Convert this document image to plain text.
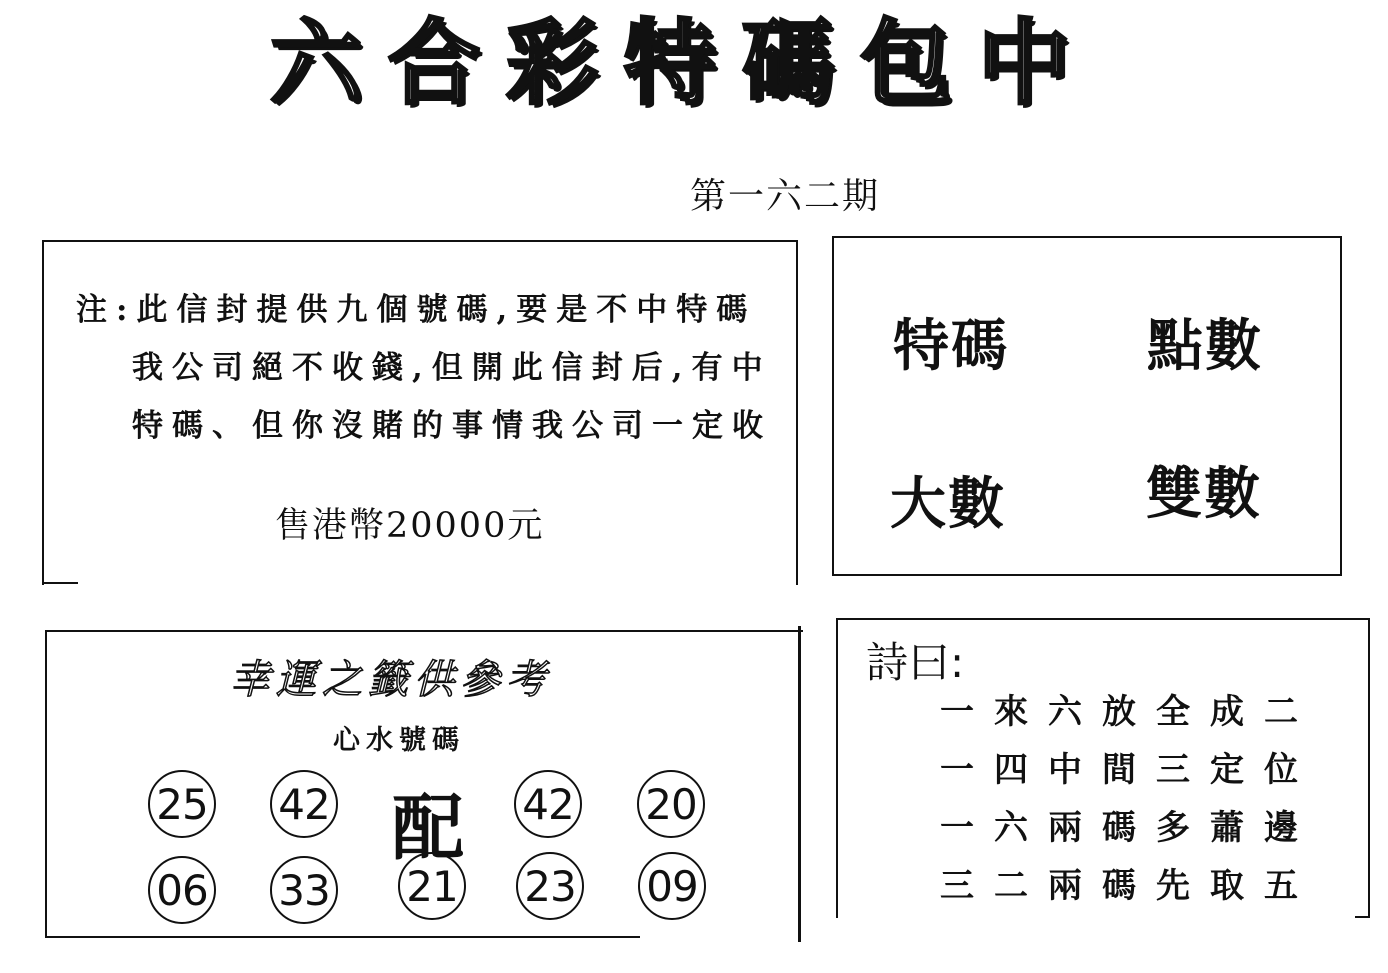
六 合 彩 特 碼 包 中
第一六二期
注:此信封提供九個號碼,要是不中特碼
我公司絕不收錢,但開此信封后,有中
特碼、但你沒賭的事情我公司一定收
售港幣20000元
特碼 點數
大數	雙數
幸運之籤供參考
心水號碼
25 42 配 42 20
06 33 21 23 09
詩曰:
一來六放全成二
一四中間三定位
一六兩碼多蕭邊
三二兩碼先取五
